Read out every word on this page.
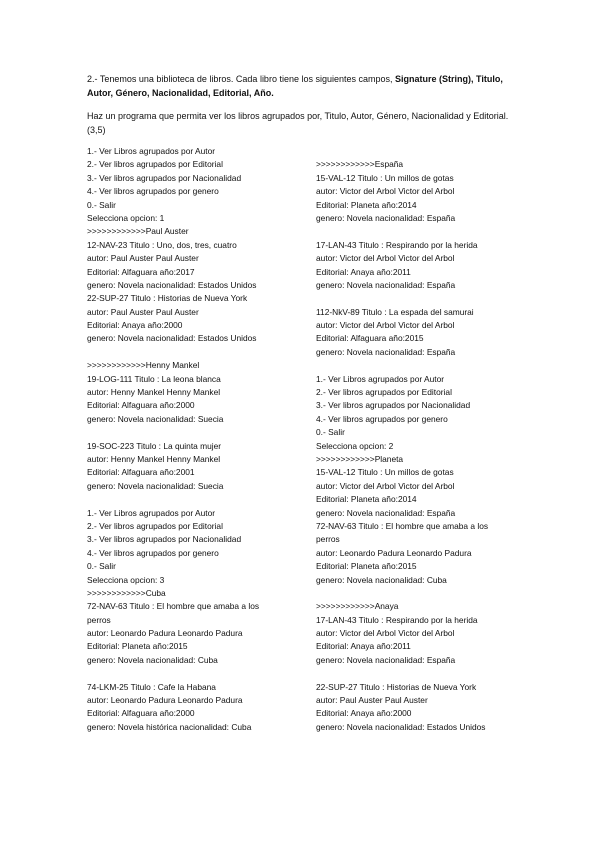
2.- Tenemos una biblioteca de libros. Cada libro tiene los siguientes campos, Signature (String), Titulo, Autor, Género, Nacionalidad, Editorial, Año.

Haz un programa que permita ver los libros agrupados por, Titulo, Autor, Género, Nacionalidad y Editorial. (3,5)

1.- Ver Libros agrupados por Autor
2.- Ver libros agrupados por Editorial
3.- Ver libros agrupados por Nacionalidad
4.- Ver libros agrupados por genero
0.- Salir
Selecciona opcion: 1
>>>>>>>>>>>>Paul Auster
12-NAV-23 Titulo : Uno, dos, tres, cuatro
autor: Paul Auster Paul Auster
Editorial: Alfaguara año:2017
genero: Novela nacionalidad: Estados Unidos
22-SUP-27 Titulo : Historias de Nueva York
autor: Paul Auster Paul Auster
Editorial: Anaya año:2000
genero: Novela nacionalidad: Estados Unidos
>>>>>>>>>>>>Henny Mankel
19-LOG-111 Titulo : La leona blanca
autor: Henny Mankel Henny Mankel
Editorial: Alfaguara año:2000
genero: Novela nacionalidad: Suecia
19-SOC-223 Titulo : La quinta mujer
autor: Henny Mankel Henny Mankel
Editorial: Alfaguara año:2001
genero: Novela nacionalidad: Suecia
1.- Ver Libros agrupados por Autor
2.- Ver libros agrupados por Editorial
3.- Ver libros agrupados por Nacionalidad
4.- Ver libros agrupados por genero
0.- Salir
Selecciona opcion: 3
>>>>>>>>>>>>Cuba
72-NAV-63 Titulo : El hombre que amaba a los
perros
autor: Leonardo Padura Leonardo Padura
Editorial: Planeta año:2015
genero: Novela nacionalidad: Cuba
74-LKM-25 Titulo : Cafe la Habana
autor: Leonardo Padura Leonardo Padura
Editorial: Alfaguara año:2000
genero: Novela histórica nacionalidad: Cuba
>>>>>>>>>>>>España
15-VAL-12 Titulo : Un millos de gotas
autor: Victor del Arbol Victor del Arbol
Editorial: Planeta año:2014
genero: Novela nacionalidad: España
17-LAN-43 Titulo : Respirando por la herida
autor: Victor del Arbol Victor del Arbol
Editorial: Anaya año:2011
genero: Novela nacionalidad: España
112-NkV-89 Titulo : La espada del samurai
autor: Victor del Arbol Victor del Arbol
Editorial: Alfaguara año:2015
genero: Novela nacionalidad: España
1.- Ver Libros agrupados por Autor
2.- Ver libros agrupados por Editorial
3.- Ver libros agrupados por Nacionalidad
4.- Ver libros agrupados por genero
0.- Salir
Selecciona opcion: 2
>>>>>>>>>>>>Planeta
15-VAL-12 Titulo : Un millos de gotas
autor: Victor del Arbol Victor del Arbol
Editorial: Planeta año:2014
genero: Novela nacionalidad: España
72-NAV-63 Titulo : El hombre que amaba a los
perros
autor: Leonardo Padura Leonardo Padura
Editorial: Planeta año:2015
genero: Novela nacionalidad: Cuba
>>>>>>>>>>>>Anaya
17-LAN-43 Titulo : Respirando por la herida
autor: Victor del Arbol Victor del Arbol
Editorial: Anaya año:2011
genero: Novela nacionalidad: España
22-SUP-27 Titulo : Historias de Nueva York
autor: Paul Auster Paul Auster
Editorial: Anaya año:2000
genero: Novela nacionalidad: Estados Unidos
